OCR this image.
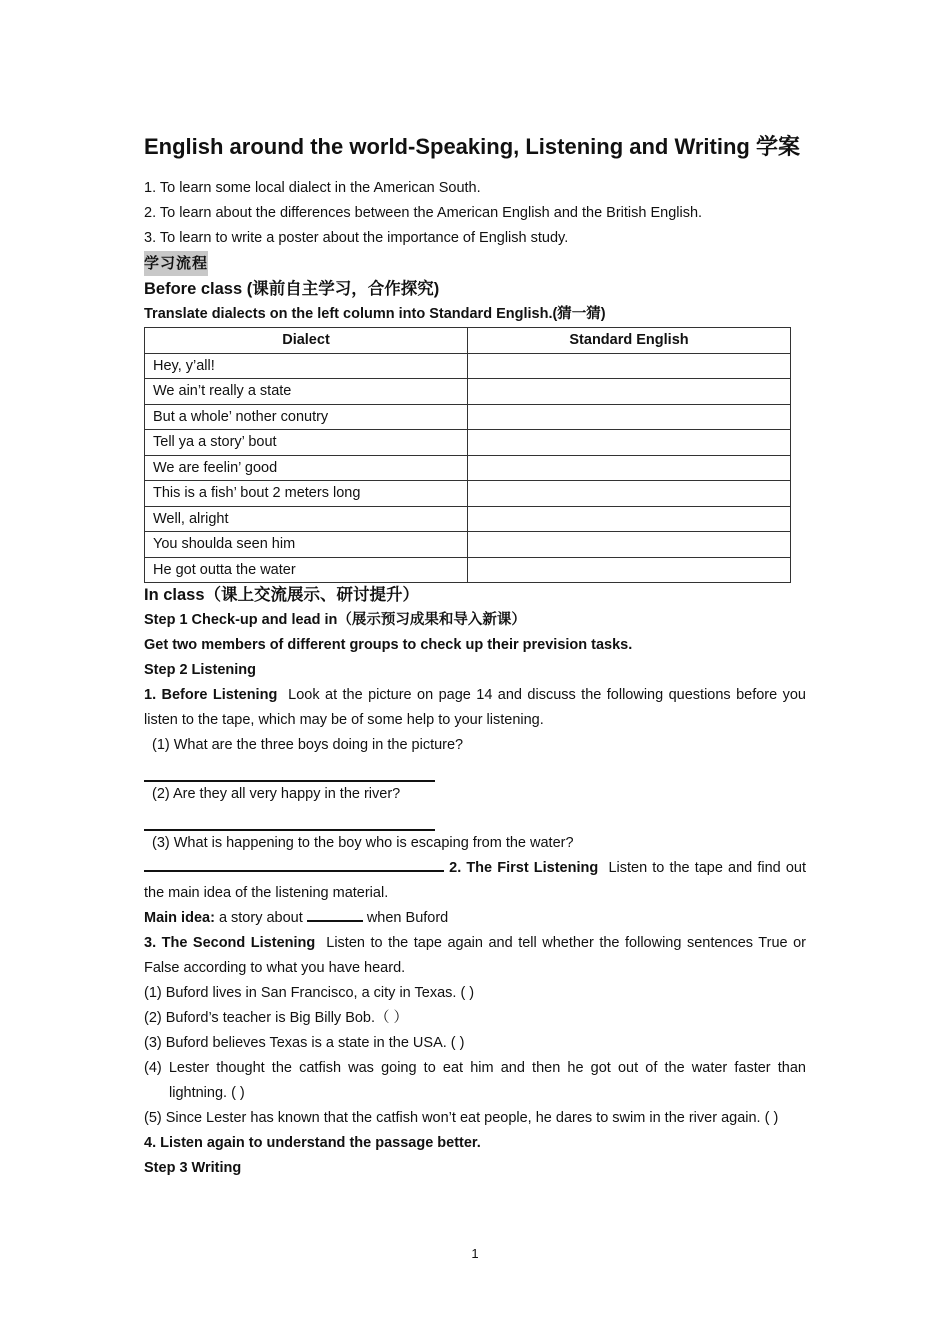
English around the world-Speaking, Listening and Writing 学案

1. To learn some local dialect in the American South.

2. To learn about the differences between the American English and the British English.

3. To learn to write a poster about the importance of English study.

学习流程

Before class (课前自主学习，合作探究)

Translate dialects on the left column into Standard English.(猜一猜)

Dialect	Standard English
Hey, y’all!	
We ain’t really a state	
But a whole’ nother conutry	
Tell ya a story’ bout	
We are feelin’ good	
This is a fish’ bout 2 meters long	
Well, alright	
You shoulda seen him	
He got outta the water	

In class（课上交流展示、研讨提升）

Step 1 Check-up and lead in（展示预习成果和导入新课）

Get two members of different groups to check up their prevision tasks.

Step 2 Listening

1. Before Listening Look at the picture on page 14 and discuss the following questions before you listen to the tape, which may be of some help to your listening.

(1) What are the three boys doing in the picture?

(2) Are they all very happy in the river?

(3) What is happening to the boy who is escaping from the water?

2. The First Listening Listen to the tape and find out the main idea of the listening material.

Main idea: a story about	when Buford

3. The Second Listening Listen to the tape again and tell whether the following sentences True or False according to what you have heard.

(1) Buford lives in San Francisco, a city in Texas. ( )

(2) Buford’s teacher is Big Billy Bob.（ ）

(3) Buford believes Texas is a state in the USA. ( )

(4) Lester thought the catfish was going to eat him and then he got out of the water faster than lightning. ( )

(5) Since Lester has known that the catfish won’t eat people, he dares to swim in the river again. ( )

4. Listen again to understand the passage better.

Step 3 Writing

1
